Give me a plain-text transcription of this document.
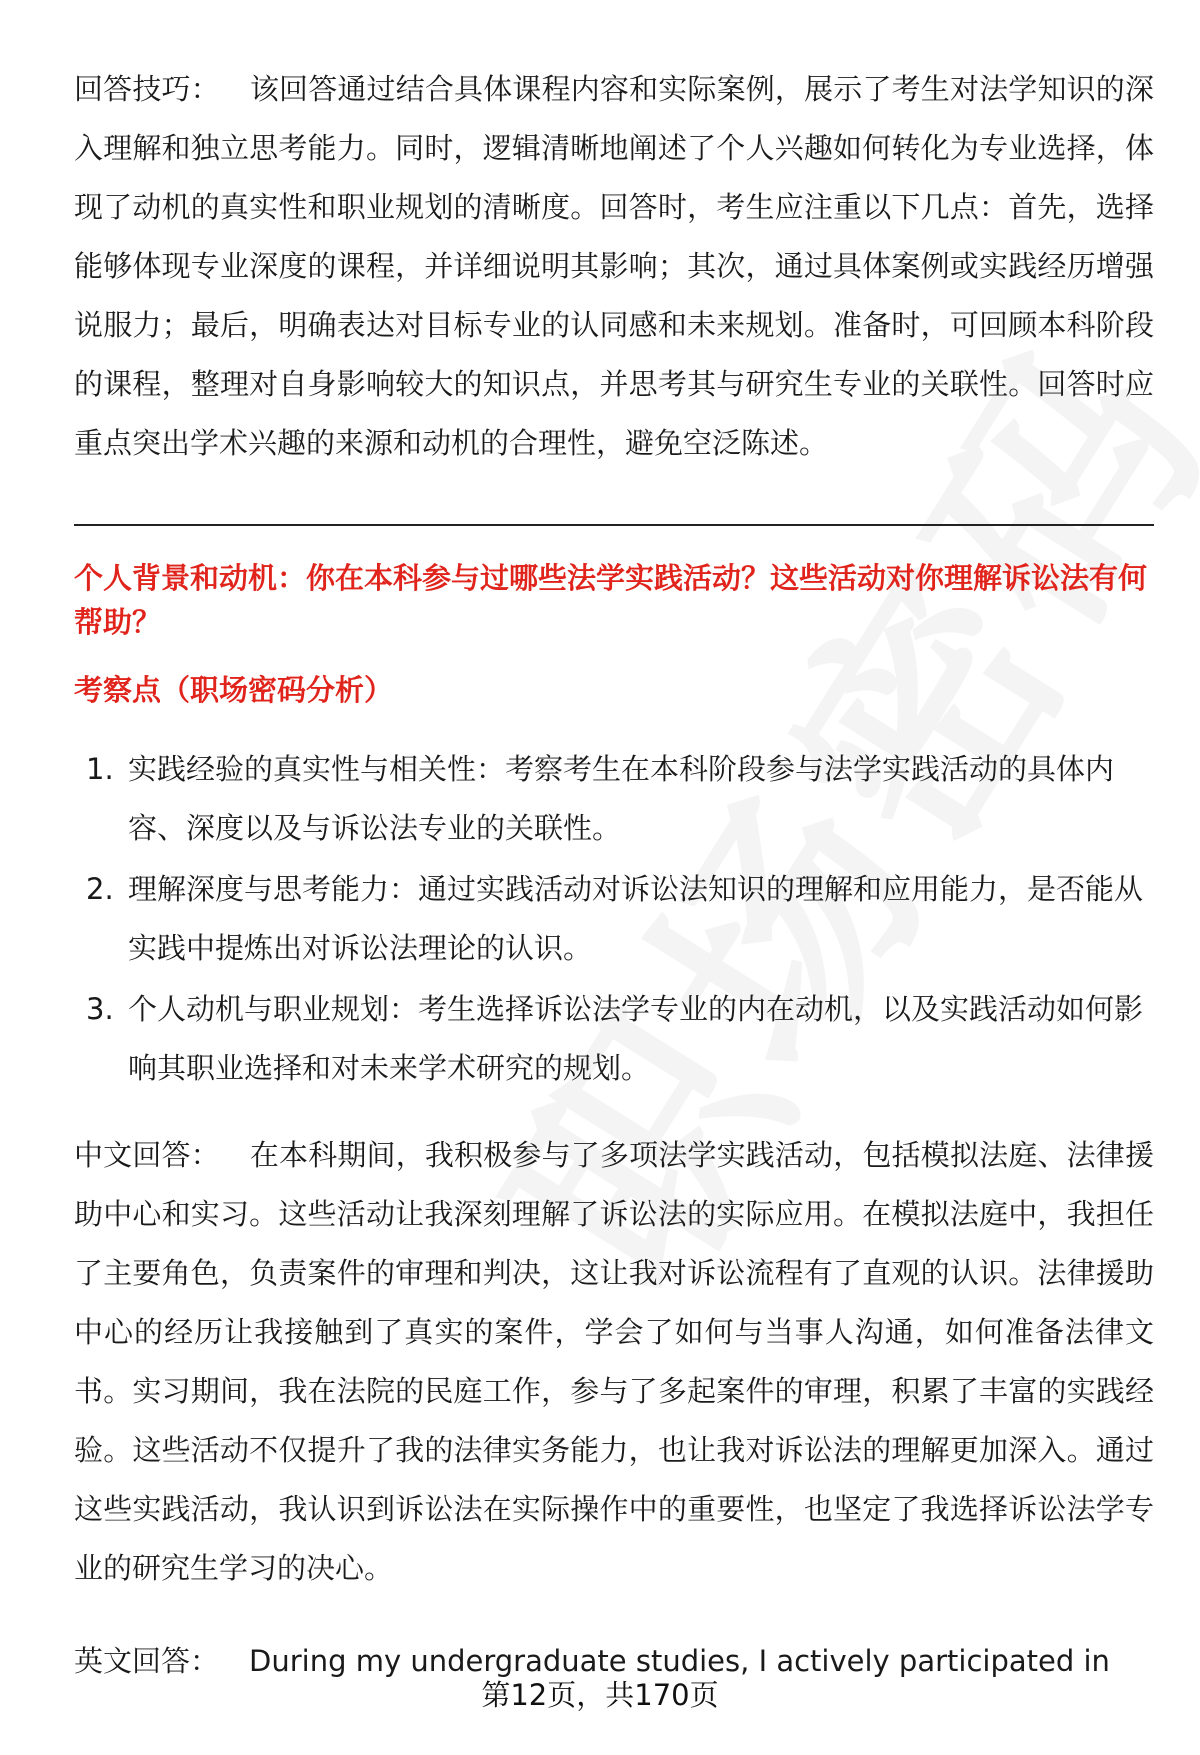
回答技巧： 该回答通过结合具体课程内容和实际案例，展示了考生对法学知识的深入理解和独立思考能力。同时，逻辑清晰地阐述了个人兴趣如何转化为专业选择，体现了动机的真实性和职业规划的清晰度。回答时，考生应注重以下几点：首先，选择能够体现专业深度的课程，并详细说明其影响；其次，通过具体案例或实践经历增强说服力；最后，明确表达对目标专业的认同感和未来规划。准备时，可回顾本科阶段的课程，整理对自身影响较大的知识点，并思考其与研究生专业的关联性。回答时应重点突出学术兴趣的来源和动机的合理性，避免空泛陈述。

个人背景和动机：你在本科参与过哪些法学实践活动？这些活动对你理解诉讼法有何帮助？
考察点（职场密码分析）
1. 实践经验的真实性与相关性：考察考生在本科阶段参与法学实践活动的具体内容、深度以及与诉讼法专业的关联性。
2. 理解深度与思考能力：通过实践活动对诉讼法知识的理解和应用能力，是否能从实践中提炼出对诉讼法理论的认识。
3. 个人动机与职业规划：考生选择诉讼法学专业的内在动机，以及实践活动如何影响其职业选择和对未来学术研究的规划。

中文回答： 在本科期间，我积极参与了多项法学实践活动，包括模拟法庭、法律援助中心和实习。这些活动让我深刻理解了诉讼法的实际应用。在模拟法庭中，我担任了主要角色，负责案件的审理和判决，这让我对诉讼流程有了直观的认识。法律援助中心的经历让我接触到了真实的案件，学会了如何与当事人沟通，如何准备法律文书。实习期间，我在法院的民庭工作，参与了多起案件的审理，积累了丰富的实践经验。这些活动不仅提升了我的法律实务能力，也让我对诉讼法的理解更加深入。通过这些实践活动，我认识到诉讼法在实际操作中的重要性，也坚定了我选择诉讼法学专业的研究生学习的决心。

英文回答： During my undergraduate studies, I actively participated in

第12页，共170页
